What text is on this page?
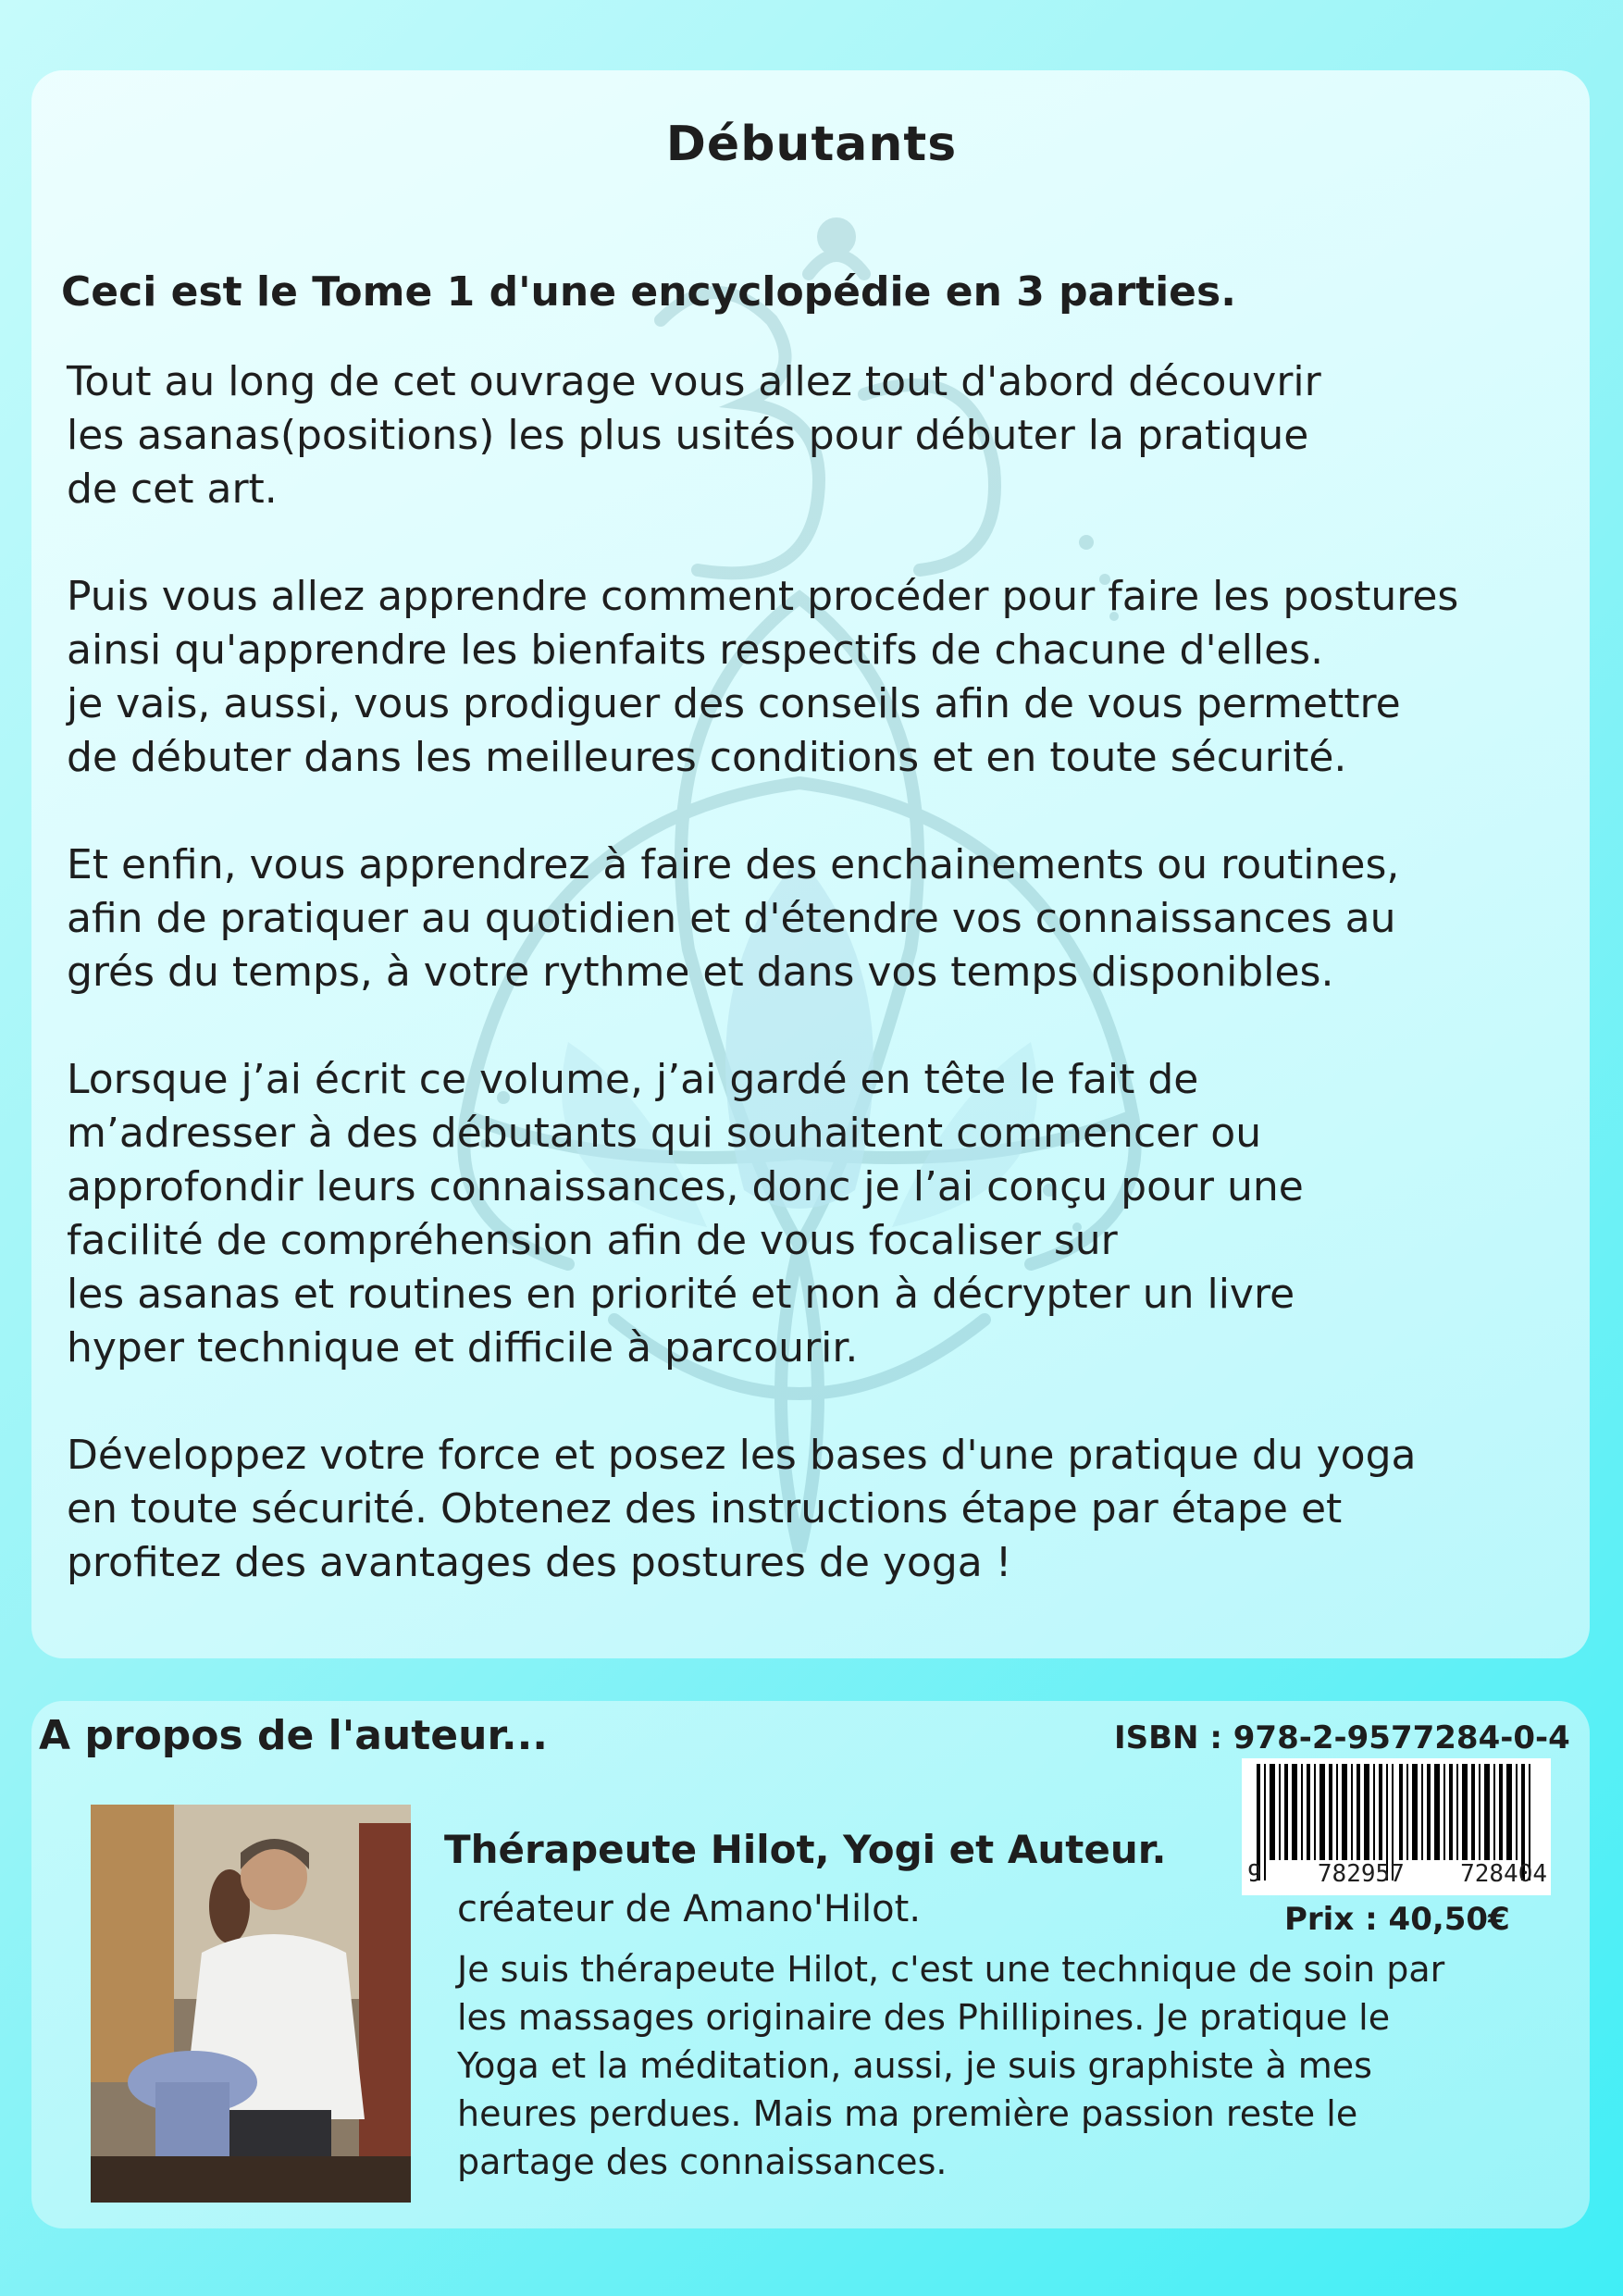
Débutants
Ceci est le Tome 1 d'une encyclopédie en 3 parties.

Tout au long de cet ouvrage vous allez tout d'abord découvrir
les asanas(positions) les plus usités pour débuter la pratique
de cet art.

Puis vous allez apprendre comment procéder pour faire les postures
ainsi qu'apprendre les bienfaits respectifs de chacune d'elles.
je vais, aussi, vous prodiguer des conseils afin de vous permettre
de débuter dans les meilleures conditions et en toute sécurité.

Et enfin, vous apprendrez à faire des enchainements ou routines,
afin de pratiquer au quotidien et d'étendre vos connaissances au
grés du temps, à votre rythme et dans vos temps disponibles.

Lorsque j’ai écrit ce volume, j’ai gardé en tête le fait de
m’adresser à des débutants qui souhaitent commencer ou
approfondir leurs connaissances, donc je l’ai conçu pour une
facilité de compréhension afin de vous focaliser sur
les asanas et routines en priorité et non à décrypter un livre
hyper technique et difficile à parcourir.

Développez votre force et posez les bases d'une pratique du yoga
en toute sécurité. Obtenez des instructions étape par étape et
profitez des avantages des postures de yoga !

A propos de l'auteur...
Thérapeute Hilot, Yogi et Auteur.
créateur de Amano'Hilot.

Je suis thérapeute Hilot, c'est une technique de soin par
les massages originaire des Phillipines. Je pratique le
Yoga et la méditation, aussi, je suis graphiste à mes
heures perdues. Mais ma première passion reste le
partage des connaissances.

ISBN : 978-2-9577284-0-4
9 782957 728404
Prix : 40,50€
